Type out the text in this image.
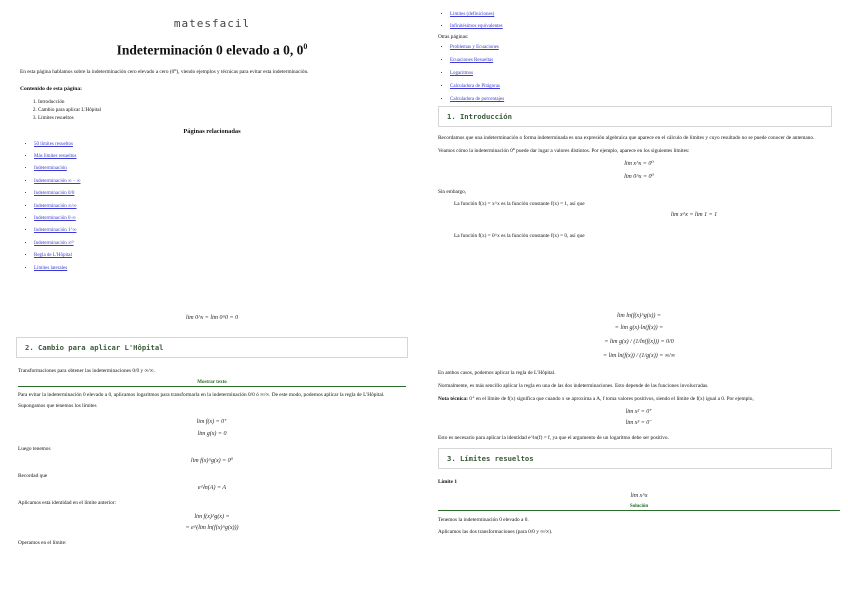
matesfacil
Indeterminación 0 elevado a 0, $0^0$

En esta página hablamos sobre la indeterminación cero elevado a cero (0⁰), viendo ejemplos y técnicas para evitar esta indeterminación.

Contenido de esta página:
1. Introducción
2. Cambio para aplicar L'Hôpital
3. Límites resueltos
Páginas relacionadas
• 50 límites resueltos
• Más límites resueltos
• Indeterminación
• Indeterminación ∞ − ∞
• Indeterminación 0/0
• Indeterminación ∞/∞
• Indeterminación 0·∞
• Indeterminación 1^∞
• Indeterminación ∞⁰
• Regla de L'Hôpital
• Límites laterales
lim 0^x = lim 0^0 = 0
2. Cambio para aplicar L'Hôpital

Transformaciones para obtener las indeterminaciones 0/0 y ∞/∞.

Mostrar texto

Para evitar la indeterminación 0 elevado a 0, aplicamos logaritmos para transformarla en la indeterminación 0/0 ó ∞/∞. De este modo, podemos aplicar la regla de L'Hôpital.

Supongamos que tenemos los límites

lim f(x) = 0⁺
lim g(x) = 0

Luego tenemos

lim f(x)^g(x) = 0⁰

Recordad que

e^ln(A) = A

Aplicamos esta identidad en el límite anterior:

lim f(x)^g(x) =
= e^(lim ln(f(x)^g(x)))

Operamos en el límite:

• Límites (definiciones)
• Infinitésimos equivalentes

Otras páginas:

• Problemas y Ecuaciones
• Ecuaciones Resueltas
• Logaritmos
• Calculadora de Pitágoras
• Calculadora de porcentajes
1. Introducción

Recordamos que una indeterminación o forma indeterminada es una expresión algebraica que aparece en el cálculo de límites y cuyo resultado no se puede conocer de antemano.

Veamos cómo la indeterminación 0⁰ puede dar lugar a valores distintos. Por ejemplo, aparece en los siguientes límites:

lim x^x = 0⁰
lim 0^x = 0⁰

Sin embargo,

La función f(x) = x^x es la función constante f(x) = 1, así que

lim x^x = lim 1 = 1

La función f(x) = 0^x es la función constante f(x) = 0, así que

lim ln(f(x)^g(x)) =
= lim g(x)·ln(f(x)) =
= lim g(x) / (1/ln(f(x))) = 0/0
= lim ln(f(x)) / (1/g(x)) = ∞/∞

En ambos casos, podemos aplicar la regla de L'Hôpital.

Normalmente, es más sencillo aplicar la regla en una de las dos indeterminaciones. Esto depende de las funciones involucradas.

Nota técnica: 0⁺ en el límite de f(x) significa que cuando x se aproxima a A, f toma valores positivos, siendo el límite de f(x) igual a 0. Por ejemplo,

lim x² = 0⁺
lim x³ = 0⁻

Esto es necesario para aplicar la identidad e^ln(f) = f, ya que el argumento de un logaritmo debe ser positivo.

3. Límites resueltos

Límite 1

lim x^x
Solución

Tenemos la indeterminación 0 elevado a 0.

Aplicamos las dos transformaciones (para 0/0 y ∞/∞).
